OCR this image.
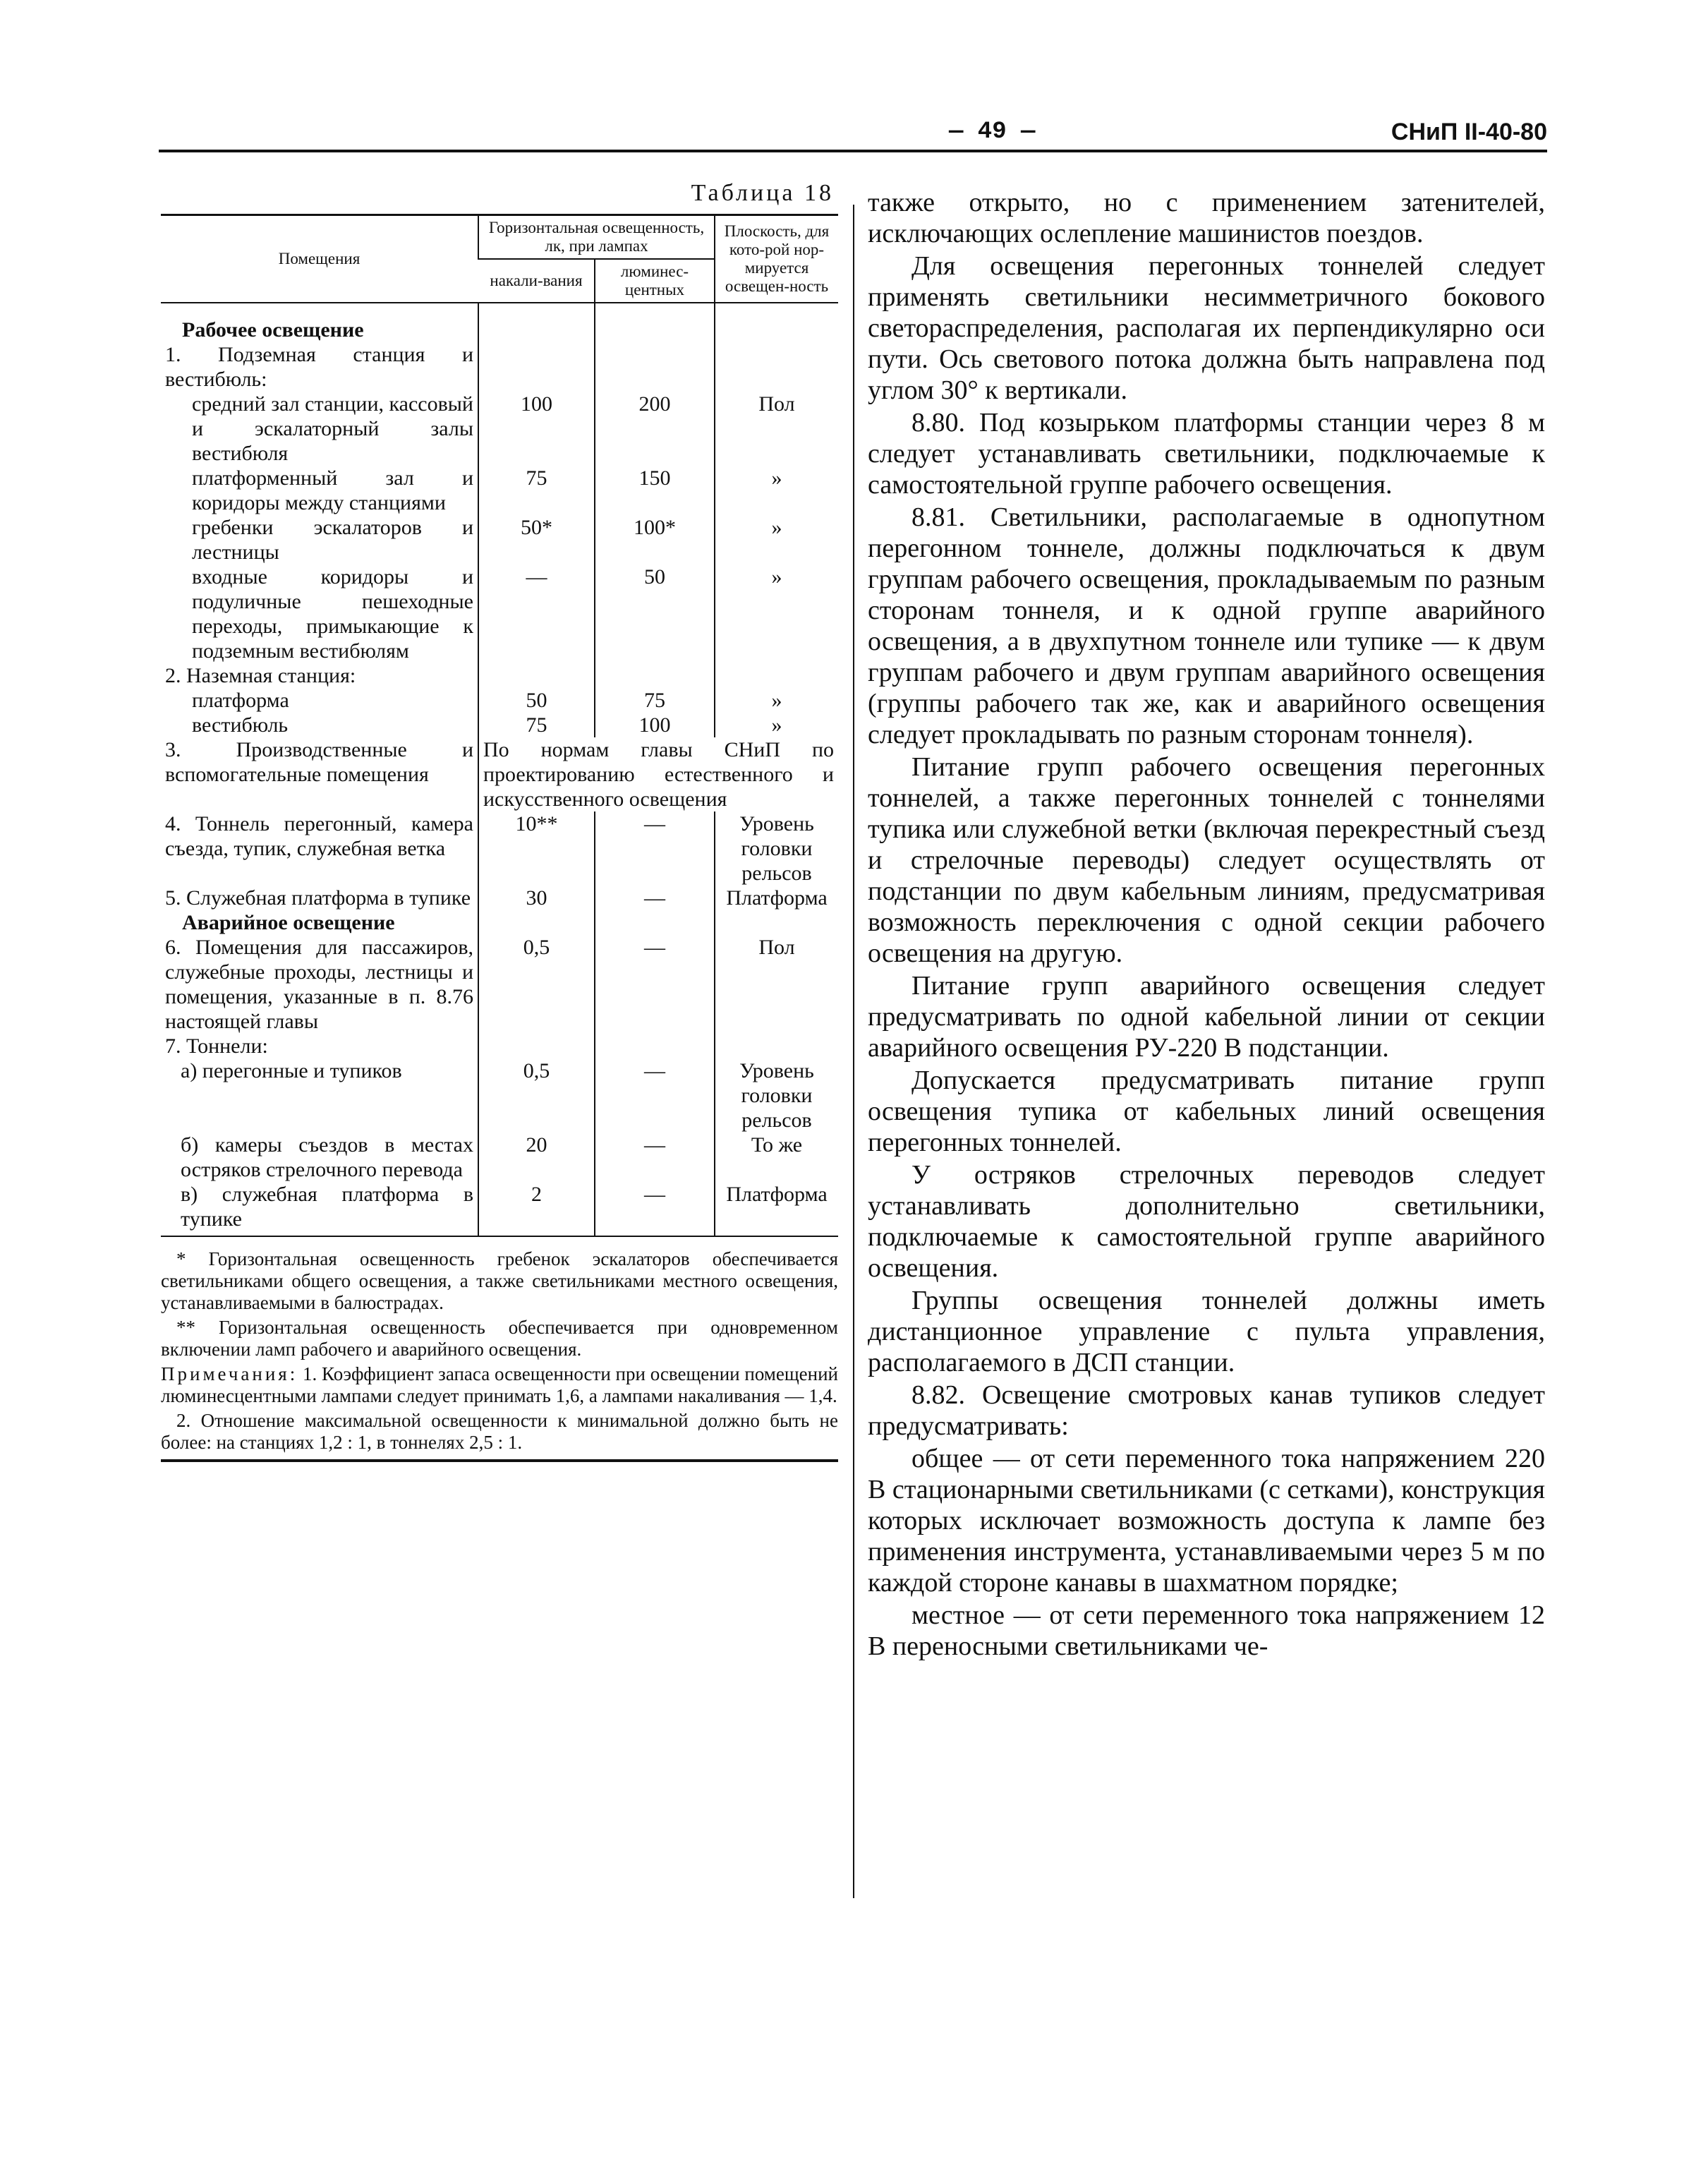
— 49 —	СНиП II-40-80
Таблица 18
Помещения	Горизонтальная освещенность, лк, при лампах		Плоскость, для кото-рой нор-мируется освещен-ность
	накали-вания	люминес-центных	
Рабочее освещение			
1. Подземная станция и вестибюль:			
средний зал станции, кассовый и эскалаторный залы вестибюля	100	200	Пол
платформенный зал и коридоры между станциями	75	150	»
гребенки эскалаторов и лестницы	50*	100*	»
входные коридоры и подуличные пешеходные переходы, примыкающие к подземным вестибюлям	—	50	»
2. Наземная станция:			
платформа	50	75	»
вестибюль	75	100	»
3. Производственные и вспомогательные помещения	По нормам главы СНиП по проектированию естественного и искусственного освещения		
4. Тоннель перегонный, камера съезда, тупик, служебная ветка	10**	—	Уровень головки рельсов
5. Служебная платформа в тупике	30	—	Платформа
Аварийное освещение			
6. Помещения для пассажиров, служебные проходы, лестницы и помещения, указанные в п. 8.76 настоящей главы	0,5	—	Пол
7. Тоннели:			
а) перегонные и тупиков	0,5	—	Уровень головки рельсов
б) камеры съездов в местах остряков стрелочного перевода	20	—	То же
в) служебная платформа в тупике	2	—	Платформа

* Горизонтальная освещенность гребенок эскалаторов обеспечивается светильниками общего освещения, а также светильниками местного освещения, устанавливаемыми в балюстрадах.

** Горизонтальная освещенность обеспечивается при одновременном включении ламп рабочего и аварийного освещения.

Примечания: 1. Коэффициент запаса освещенности при освещении помещений люминесцентными лампами следует принимать 1,6, а лампами накаливания — 1,4.

2. Отношение максимальной освещенности к минимальной должно быть не более: на станциях 1,2 : 1, в тоннелях 2,5 : 1.

также открыто, но с применением затенителей, исключающих ослепление машинистов поездов.

Для освещения перегонных тоннелей следует применять светильники несимметричного бокового светораспределения, располагая их перпендикулярно оси пути. Ось светового потока должна быть направлена под углом 30° к вертикали.

8.80. Под козырьком платформы станции через 8 м следует устанавливать светильники, подключаемые к самостоятельной группе рабочего освещения.

8.81. Светильники, располагаемые в однопутном перегонном тоннеле, должны подключаться к двум группам рабочего освещения, прокладываемым по разным сторонам тоннеля, и к одной группе аварийного освещения, а в двухпутном тоннеле или тупике — к двум группам рабочего и двум группам аварийного освещения (группы рабочего так же, как и аварийного освещения следует прокладывать по разным сторонам тоннеля).

Питание групп рабочего освещения перегонных тоннелей, а также перегонных тоннелей с тоннелями тупика или служебной ветки (включая перекрестный съезд и стрелочные переводы) следует осуществлять от подстанции по двум кабельным линиям, предусматривая возможность переключения с одной секции рабочего освещения на другую.

Питание групп аварийного освещения следует предусматривать по одной кабельной линии от секции аварийного освещения РУ-220 В подстанции.

Допускается предусматривать питание групп освещения тупика от кабельных линий освещения перегонных тоннелей.

У остряков стрелочных переводов следует устанавливать дополнительно светильники, подключаемые к самостоятельной группе аварийного освещения.

Группы освещения тоннелей должны иметь дистанционное управление с пульта управления, располагаемого в ДСП станции.

8.82. Освещение смотровых канав тупиков следует предусматривать:

общее — от сети переменного тока напряжением 220 В стационарными светильниками (с сетками), конструкция которых исключает возможность доступа к лампе без применения инструмента, устанавливаемыми через 5 м по каждой стороне канавы в шахматном порядке;

местное — от сети переменного тока напряжением 12 В переносными светильниками че-
